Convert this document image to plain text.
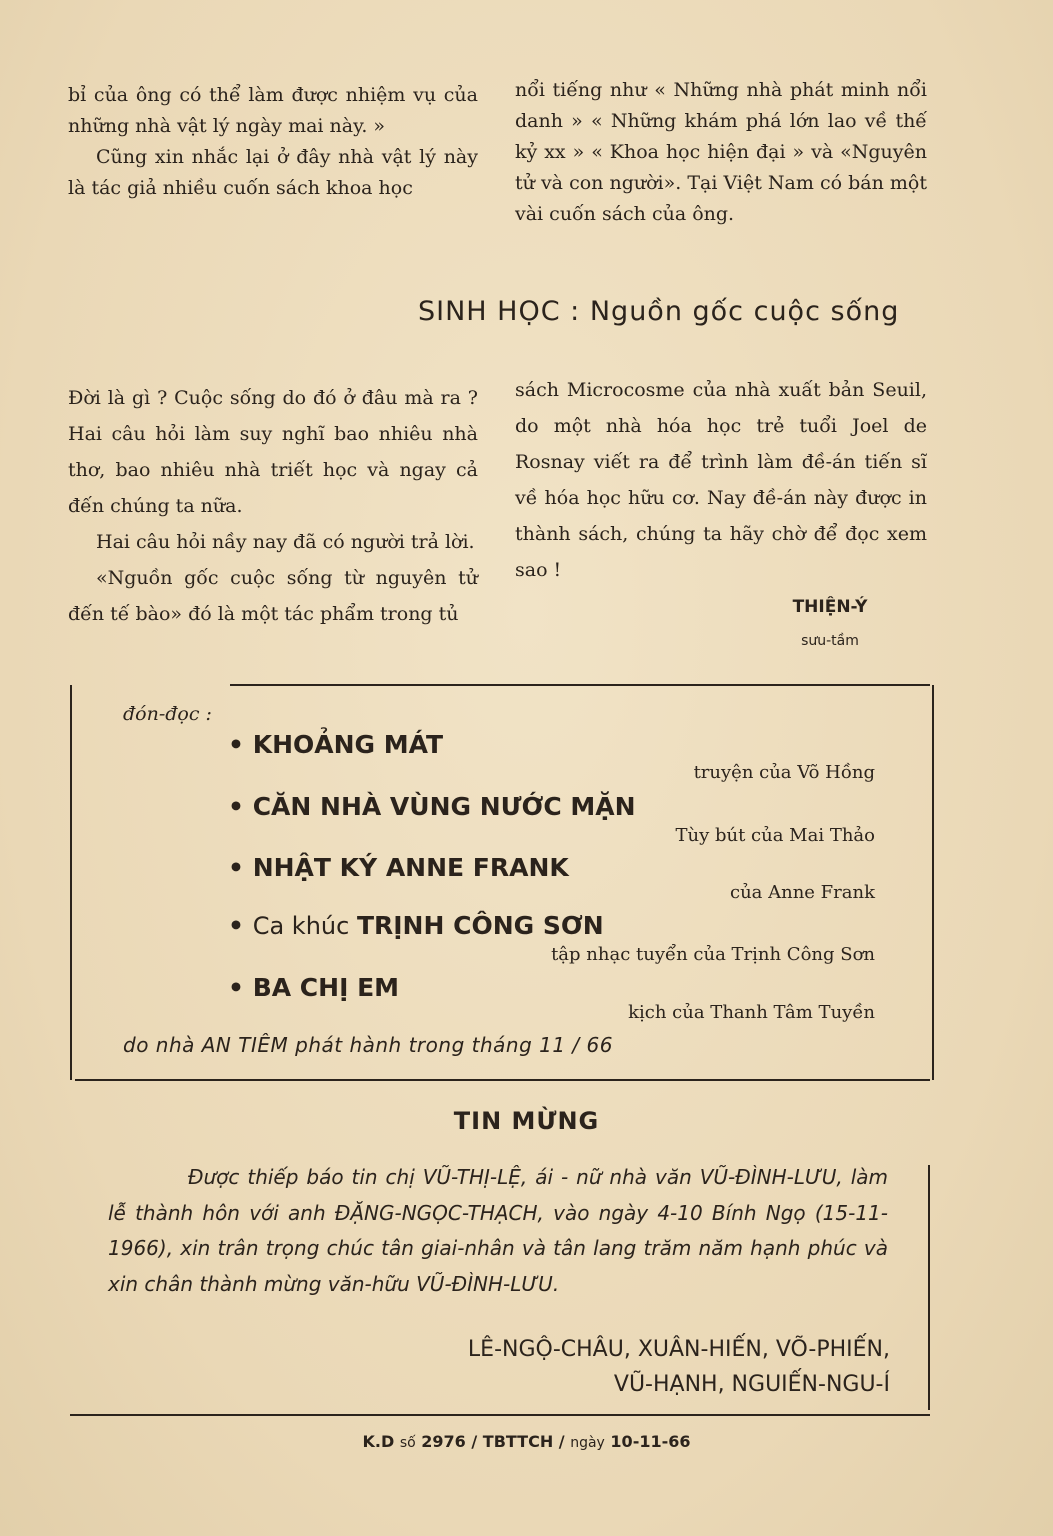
bỉ của ông có thể làm được nhiệm vụ của những nhà vật lý ngày mai này. »

Cũng xin nhắc lại ở đây nhà vật lý này là tác giả nhiều cuốn sách khoa học

nổi tiếng như « Những nhà phát minh nổi danh » « Những khám phá lớn lao về thế kỷ xx » « Khoa học hiện đại » và «Nguyên tử và con người». Tại Việt Nam có bán một vài cuốn sách của ông.

SINH HỌC : Nguồn gốc cuộc sống

Đời là gì ? Cuộc sống do đó ở đâu mà ra ? Hai câu hỏi làm suy nghĩ bao nhiêu nhà thơ, bao nhiêu nhà triết học và ngay cả đến chúng ta nữa.

Hai câu hỏi nầy nay đã có người trả lời.

«Nguồn gốc cuộc sống từ nguyên tử đến tế bào» đó là một tác phẩm trong tủ

sách Microcosme của nhà xuất bản Seuil, do một nhà hóa học trẻ tuổi Joel de Rosnay viết ra để trình làm đề-án tiến sĩ về hóa học hữu cơ. Nay đề-án này được in thành sách, chúng ta hãy chờ để đọc xem sao !

THIỆN-Ý
sưu-tầm
đón-đọc :
• KHOẢNG MÁT
truyện của Võ Hồng
• CĂN NHÀ VÙNG NƯỚC MẶN
Tùy bút của Mai Thảo
• NHẬT KÝ ANNE FRANK
của Anne Frank
• Ca khúc TRỊNH CÔNG SƠN
tập nhạc tuyển của Trịnh Công Sơn
• BA CHỊ EM
kịch của Thanh Tâm Tuyền
do nhà AN TIÊM phát hành trong tháng 11 / 66
TIN MỪNG

Được thiếp báo tin chị VŨ-THỊ-LỆ, ái - nữ nhà văn VŨ-ĐÌNH-LƯU, làm lễ thành hôn với anh ĐẶNG-NGỌC-THẠCH, vào ngày 4-10 Bính Ngọ (15-11-1966), xin trân trọng chúc tân giai-nhân và tân lang trăm năm hạnh phúc và xin chân thành mừng văn-hữu VŨ-ĐÌNH-LƯU.

LÊ-NGỘ-CHÂU, XUÂN-HIẾN, VÕ-PHIẾN,
VŨ-HẠNH, NGUIẾN-NGU-Í
K.D số 2976 / TBTTCH / ngày 10-11-66
